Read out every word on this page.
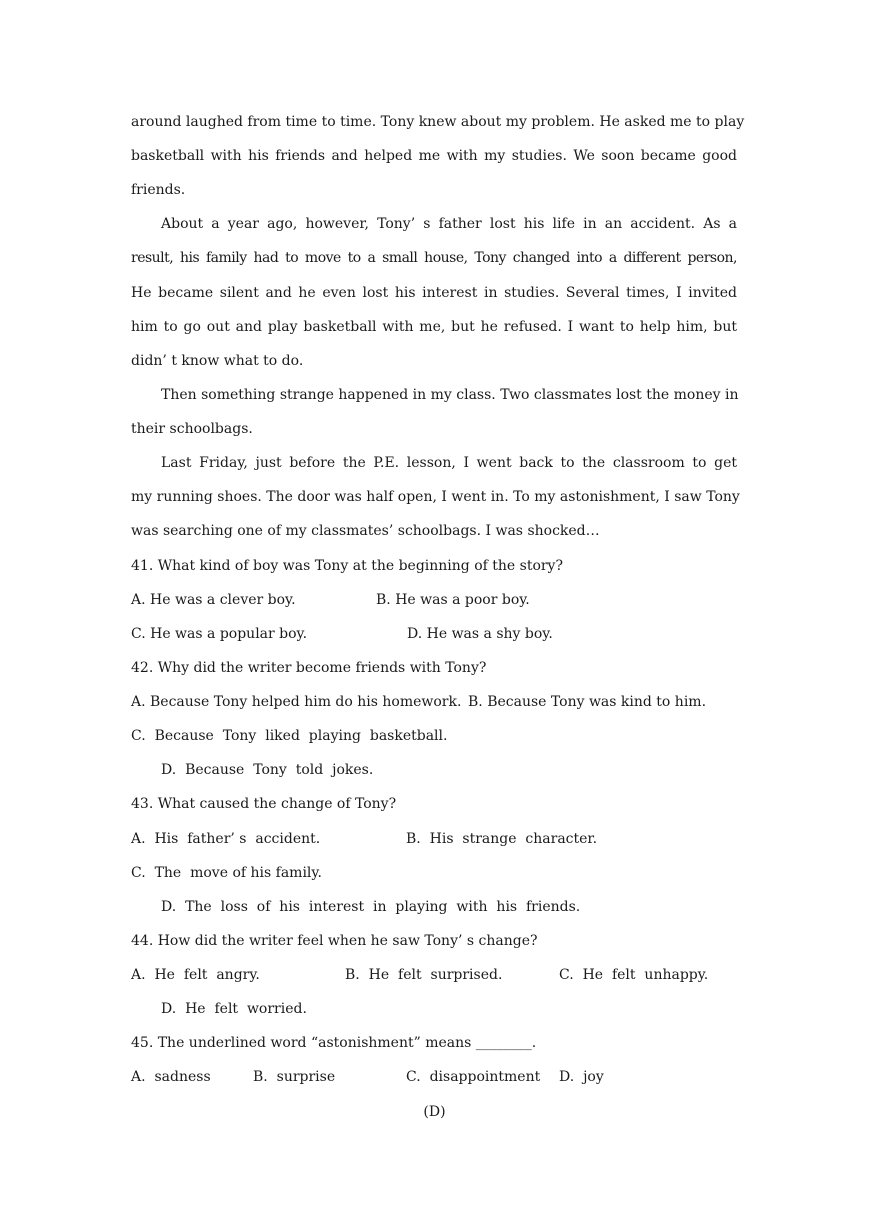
around laughed from time to time. Tony knew about my problem. He asked me to play
basketball with his friends and helped me with my studies. We soon became good
friends.
About a year ago, however, Tony’ s father lost his life in an accident. As a
result, his family had to move to a small house, Tony changed into a different person,
He became silent and he even lost his interest in studies. Several times, I invited
him to go out and play basketball with me, but he refused. I want to help him, but
didn’ t know what to do.
Then something strange happened in my class. Two classmates lost the money in
their schoolbags.
Last Friday, just before the P.E. lesson, I went back to the classroom to get
my running shoes. The door was half open, I went in. To my astonishment, I saw Tony
was searching one of my classmates’ schoolbags. I was shocked…
41. What kind of boy was Tony at the beginning of the story?
A. He was a clever boy.	B. He was a poor boy.
C. He was a popular boy.	D. He was a shy boy.
42. Why did the writer become friends with Tony?
A. Because Tony helped him do his homework. B. Because Tony was kind to him.
C.  Because  Tony  liked  playing  basketball.
D.  Because  Tony  told  jokes.
43. What caused the change of Tony?
A.  His  father’ s  accident.	B.  His  strange  character.
C.  The  move of his family.
D.  The  loss  of  his  interest  in  playing  with  his  friends.
44. How did the writer feel when he saw Tony’ s change?
A.  He  felt  angry.	B.  He  felt  surprised.	C.  He  felt  unhappy.
D.  He  felt  worried.
45. The underlined word “astonishment” means ________.
A.  sadness	B.  surprise	C.  disappointment D.  joy
(D)
